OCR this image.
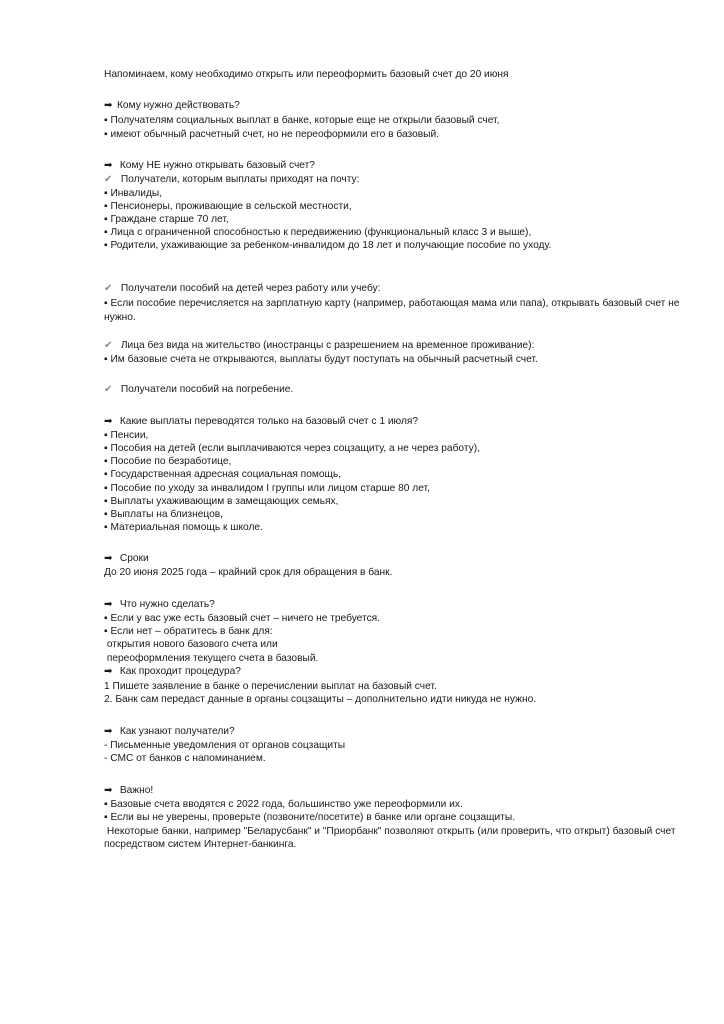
Напоминаем, кому необходимо открыть или переоформить базовый счет до 20 июня
➡ Кому нужно действовать?
▪ Получателям социальных выплат в банке, которые еще не открыли базовый счет,
▪ имеют обычный расчетный счет, но не переоформили его в базовый.
➡ Кому НЕ нужно открывать базовый счет?
✔ Получатели, которым выплаты приходят на почту:
▪ Инвалиды,
▪ Пенсионеры, проживающие в сельской местности,
▪ Граждане старше 70 лет,
▪ Лица с ограниченной способностью к передвижению (функциональный класс 3 и выше),
▪ Родители, ухаживающие за ребенком-инвалидом до 18 лет и получающие пособие по уходу.
✔ Получатели пособий на детей через работу или учебу:
▪ Если пособие перечисляется на зарплатную карту (например, работающая мама или папа), открывать базовый счет не нужно.
✔ Лица без вида на жительство (иностранцы с разрешением на временное проживание):
▪ Им базовые счета не открываются, выплаты будут поступать на обычный расчетный счет.
✔ Получатели пособий на погребение.
➡ Какие выплаты переводятся только на базовый счет с 1 июля?
▪ Пенсии,
▪ Пособия на детей (если выплачиваются через соцзащиту, а не через работу),
▪ Пособие по безработице,
▪ Государственная адресная социальная помощь,
▪ Пособие по уходу за инвалидом I группы или лицом старше 80 лет,
▪ Выплаты ухаживающим в замещающих семьях,
▪ Выплаты на близнецов,
▪ Материальная помощь к школе.
➡ Сроки
До 20 июня 2025 года – крайний срок для обращения в банк.
➡ Что нужно сделать?
▪ Если у вас уже есть базовый счет – ничего не требуется.
▪ Если нет – обратитесь в банк для:
открытия нового базового счета или
переоформления текущего счета в базовый.
➡ Как проходит процедура?
1 Пишете заявление в банке о перечислении выплат на базовый счет.
2. Банк сам передаст данные в органы соцзащиты – дополнительно идти никуда не нужно.
➡ Как узнают получатели?
- Письменные уведомления от органов соцзащиты
- СМС от банков с напоминанием.
➡ Важно!
▪ Базовые счета вводятся с 2022 года, большинство уже переоформили их.
▪ Если вы не уверены, проверьте (позвоните/посетите) в банке или органе соцзащиты.
Некоторые банки, например "Беларусбанк" и "Приорбанк" позволяют открыть (или проверить, что открыт) базовый счет посредством систем Интернет-банкинга.
